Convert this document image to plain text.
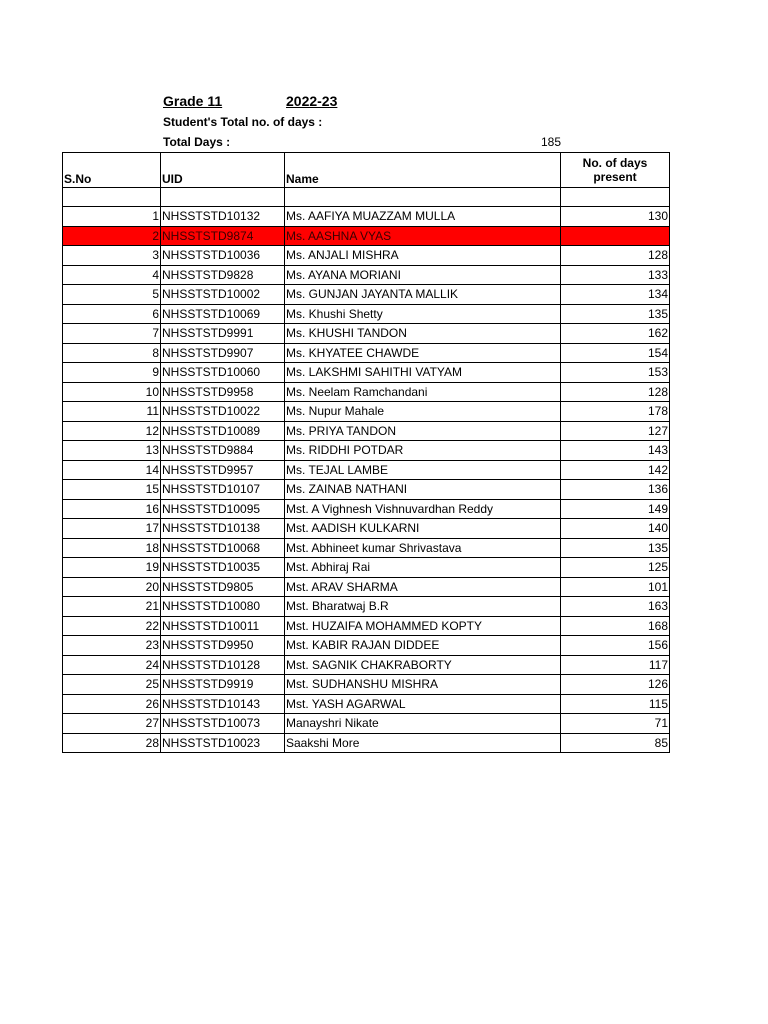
Grade 11	2022-23
Student's Total no. of days :
Total Days :	185
S.No	UID	Name	No. of days present

1	NHSSTSTD10132	Ms. AAFIYA MUAZZAM MULLA	130
2	NHSSTSTD9874	Ms. AASHNA VYAS	
3	NHSSTSTD10036	Ms. ANJALI MISHRA	128
4	NHSSTSTD9828	Ms. AYANA MORIANI	133
5	NHSSTSTD10002	Ms. GUNJAN JAYANTA MALLIK	134
6	NHSSTSTD10069	Ms. Khushi Shetty	135
7	NHSSTSTD9991	Ms. KHUSHI TANDON	162
8	NHSSTSTD9907	Ms. KHYATEE CHAWDE	154
9	NHSSTSTD10060	Ms. LAKSHMI SAHITHI VATYAM	153
10	NHSSTSTD9958	Ms. Neelam Ramchandani	128
11	NHSSTSTD10022	Ms. Nupur Mahale	178
12	NHSSTSTD10089	Ms. PRIYA TANDON	127
13	NHSSTSTD9884	Ms. RIDDHI POTDAR	143
14	NHSSTSTD9957	Ms. TEJAL LAMBE	142
15	NHSSTSTD10107	Ms. ZAINAB NATHANI	136
16	NHSSTSTD10095	Mst. A Vighnesh Vishnuvardhan Reddy	149
17	NHSSTSTD10138	Mst. AADISH KULKARNI	140
18	NHSSTSTD10068	Mst. Abhineet kumar Shrivastava	135
19	NHSSTSTD10035	Mst. Abhiraj Rai	125
20	NHSSTSTD9805	Mst. ARAV SHARMA	101
21	NHSSTSTD10080	Mst. Bharatwaj B.R	163
22	NHSSTSTD10011	Mst. HUZAIFA MOHAMMED KOPTY	168
23	NHSSTSTD9950	Mst. KABIR RAJAN DIDDEE	156
24	NHSSTSTD10128	Mst. SAGNIK CHAKRABORTY	117
25	NHSSTSTD9919	Mst. SUDHANSHU MISHRA	126
26	NHSSTSTD10143	Mst. YASH AGARWAL	115
27	NHSSTSTD10073	Manayshri Nikate	71
28	NHSSTSTD10023	Saakshi More	85
